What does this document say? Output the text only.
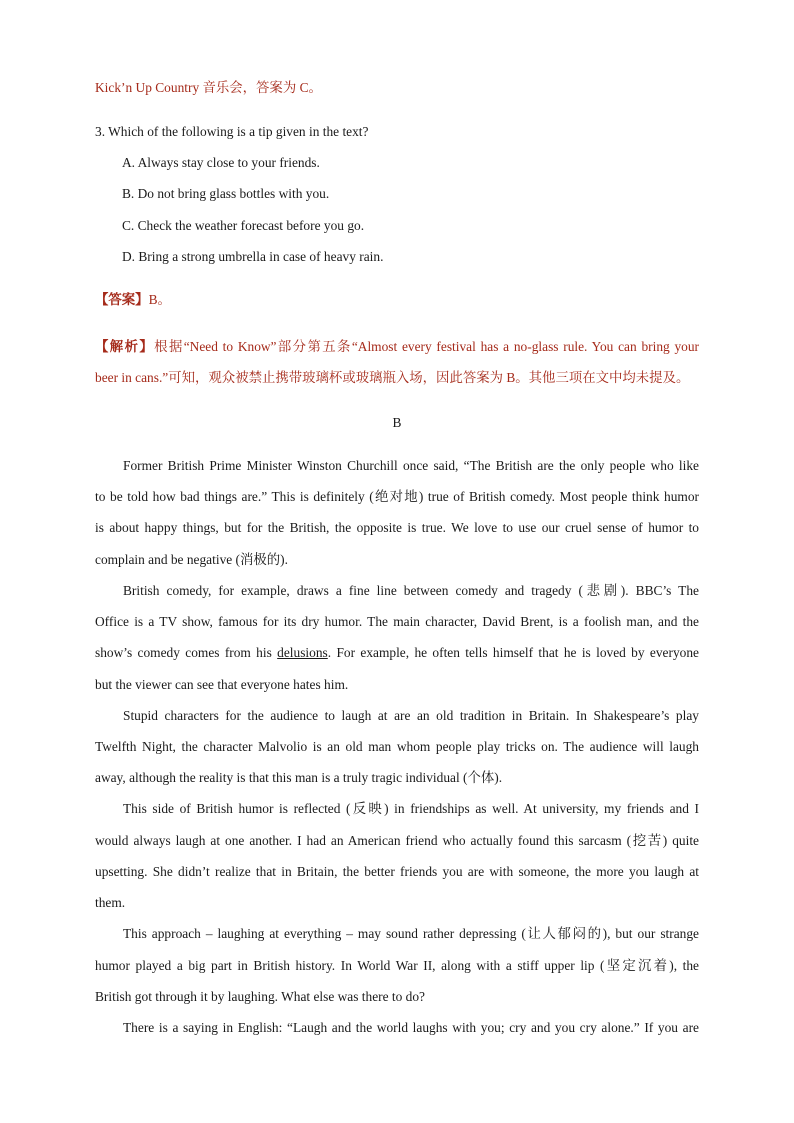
Kick’n Up Country 音乐会，答案为 C。
3. Which of the following is a tip given in the text?
A. Always stay close to your friends.
B. Do not bring glass bottles with you.
C. Check the weather forecast before you go.
D. Bring a strong umbrella in case of heavy rain.
【答案】B。
【解析】根据“Need to Know”部分第五条“Almost every festival has a no-glass rule. You can bring your
beer in cans.”可知，观众被禁止携带玻璃杯或玻璃瓶入场，因此答案为 B。其他三项在文中均未提及。
B
Former British Prime Minister Winston Churchill once said, “The British are the only people who like
to be told how bad things are.” This is definitely (绝对地) true of British comedy. Most people think humor
is about happy things, but for the British, the opposite is true. We love to use our cruel sense of humor to
complain and be negative (消极的).
British comedy, for example, draws a fine line between comedy and tragedy (悲剧). BBC’s The
Office is a TV show, famous for its dry humor. The main character, David Brent, is a foolish man, and the
show’s comedy comes from his delusions. For example, he often tells himself that he is loved by everyone
but the viewer can see that everyone hates him.
Stupid characters for the audience to laugh at are an old tradition in Britain. In Shakespeare’s play
Twelfth Night, the character Malvolio is an old man whom people play tricks on. The audience will laugh
away, although the reality is that this man is a truly tragic individual (个体).
This side of British humor is reflected (反映) in friendships as well. At university, my friends and I
would always laugh at one another. I had an American friend who actually found this sarcasm (挖苦) quite
upsetting. She didn’t realize that in Britain, the better friends you are with someone, the more you laugh at
them.
This approach – laughing at everything – may sound rather depressing (让人郁闷的), but our strange
humor played a big part in British history. In World War II, along with a stiff upper lip (坚定沉着), the
British got through it by laughing. What else was there to do?
There is a saying in English: “Laugh and the world laughs with you; cry and you cry alone.” If you are
